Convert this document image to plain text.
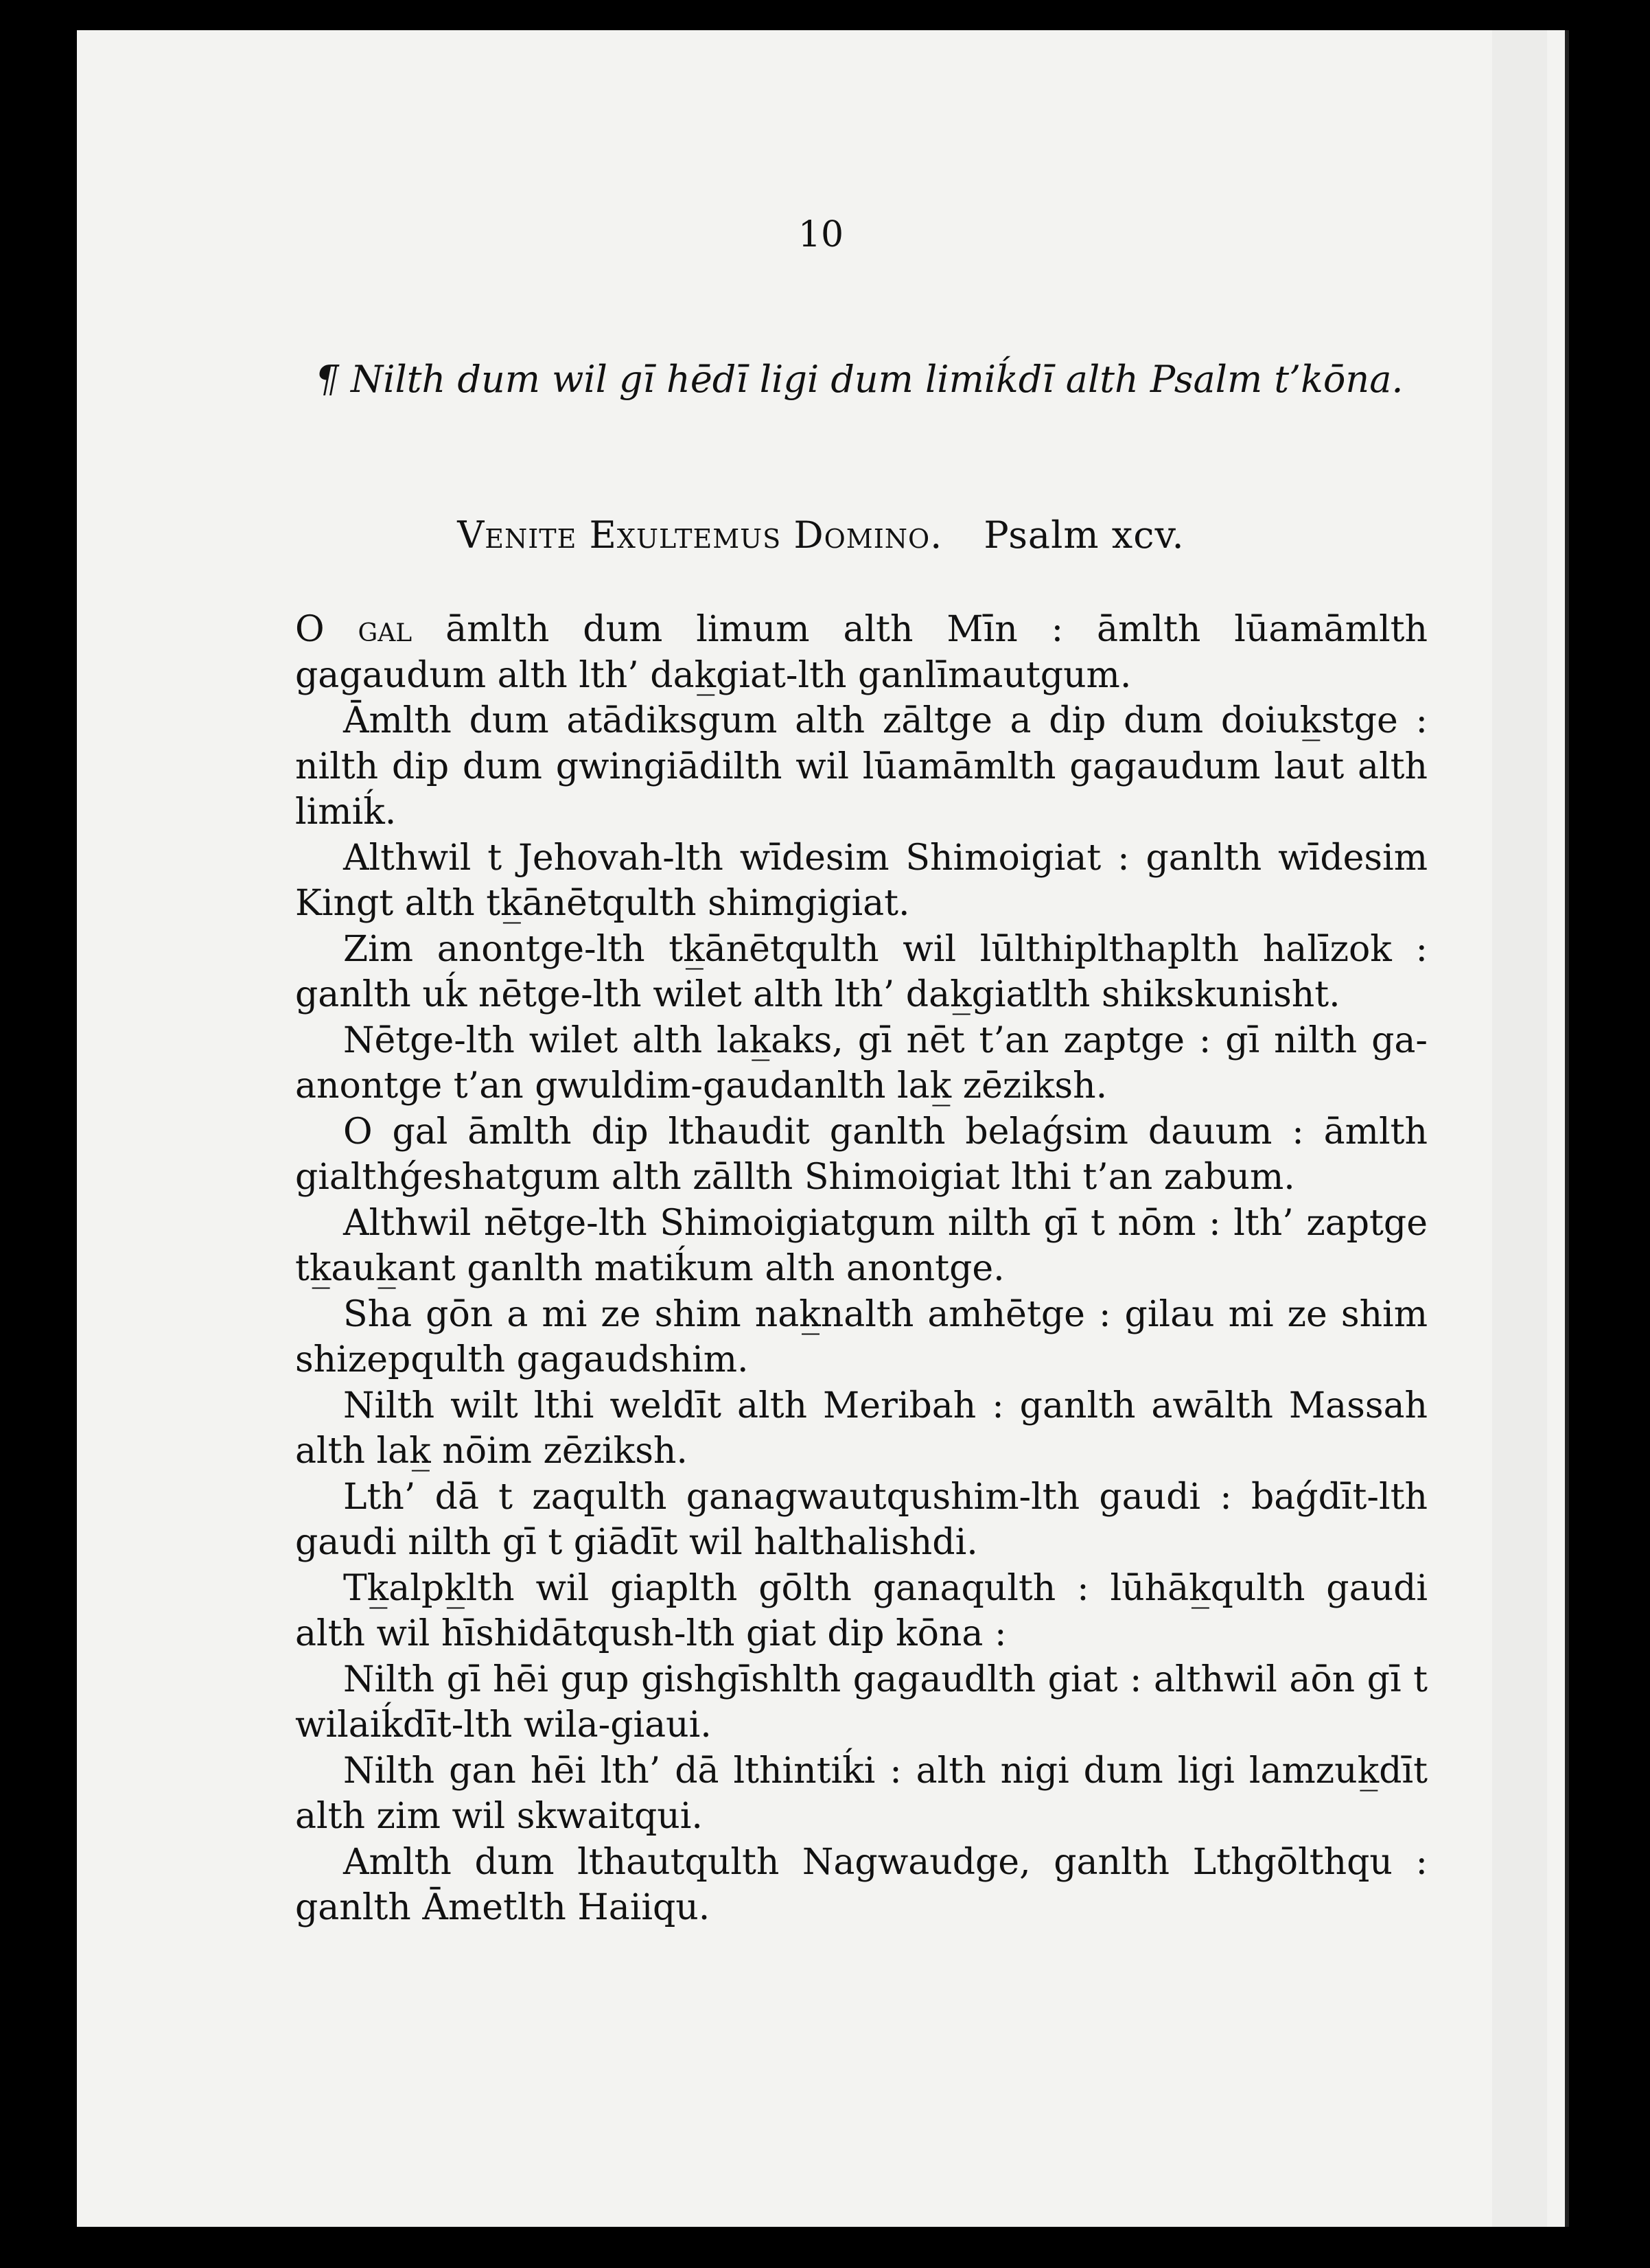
10
¶ Nilth dum wil gī hēdī ligi dum limiḱdī alth Psalm t’kōna.
Venite Exultemus Domino. Psalm xcv.

O gal āmlth dum limum alth Mīn : āmlth lūamāmlth gagaudum alth lth’ dak̲giat-lth ganlīmautgum.

Āmlth dum atādiksgum alth zāltge a dip dum doiuk̲stge : nilth dip dum gwingiādilth wil lūamāmlth gagaudum laut alth limiḱ.

Althwil t Jehovah-lth wīdesim Shimoigiat : ganlth wīdesim Kingt alth tk̲ānētqulth shimgigiat.

Zim anontge-lth tk̲ānētqulth wil lūlthiplthaplth halīzok : ganlth uḱ nētge-lth wilet alth lth’ dak̲giatlth shikskunisht.

Nētge-lth wilet alth lak̲aks, gī nēt t’an zaptge : gī nilth ga-anontge t’an gwuldim-gaudanlth lak̲ zēziksh.

O gal āmlth dip lthaudit ganlth belaǵsim dauum : āmlth gialthǵeshatgum alth zāllth Shimoigiat lthi t’an zabum.

Althwil nētge-lth Shimoigiatgum nilth gī t nōm : lth’ zaptge tk̲auk̲ant ganlth matiḱum alth anontge.

Sha gōn a mi ze shim nak̲nalth amhētge : gilau mi ze shim shizepqulth gagaudshim.

Nilth wilt lthi weldīt alth Meribah : ganlth awālth Massah alth lak̲ nōim zēziksh.

Lth’ dā t zaqulth ganagwautqushim-lth gaudi : baǵdīt-lth gaudi nilth gī t giādīt wil halthalishdi.

Tk̲alpk̲lth wil giaplth gōlth ganaqulth : lūhāk̲qulth gaudi alth wil hīshidātqush-lth giat dip kōna :

Nilth gī hēi gup gishgīshlth gagaudlth giat : althwil aōn gī t wilaiḱdīt-lth wila-giaui.

Nilth gan hēi lth’ dā lthintiḱi : alth nigi dum ligi lamzuk̲dīt alth zim wil skwaitqui.

Amlth dum lthautqulth Nagwaudge, ganlth Lthgōlthqu : ganlth Āmetlth Haiiqu.
